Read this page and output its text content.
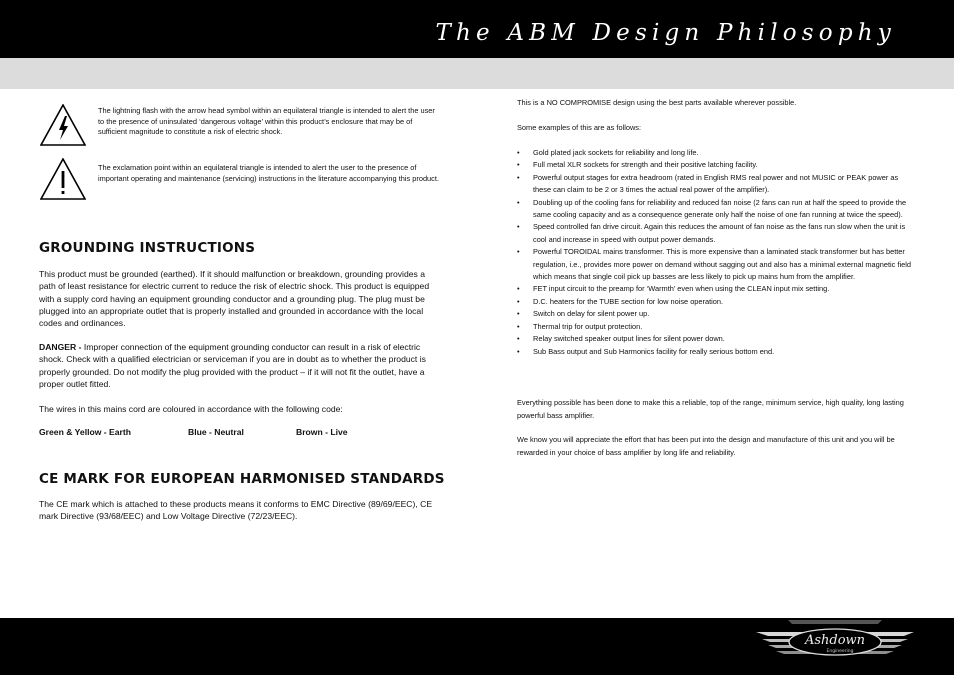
The ABM Design Philosophy
The lightning flash with the arrow head symbol within an equilateral triangle is intended to alert the user to the presence of uninsulated ‘dangerous voltage’ within this product’s enclosure that may be of sufficient magnitude to constitute a risk of electric shock.
The exclamation point within an equilateral triangle is intended to alert the user to the presence of important operating and maintenance (servicing) instructions in the literature accompanying this product.
GROUNDING INSTRUCTIONS

This product must be grounded (earthed). If it should malfunction or breakdown, grounding provides a path of least resistance for electric current to reduce the risk of electric shock. This product is equipped with a supply cord having an equipment grounding conductor and a grounding plug. The plug must be plugged into an appropriate outlet that is properly installed and grounded in accordance with the local codes and ordinances.

DANGER - Improper connection of the equipment grounding conductor can result in a risk of electric shock. Check with a qualified electrician or serviceman if you are in doubt as to whether the product is properly grounded. Do not modify the plug provided with the product – if it will not fit the outlet, have a proper outlet fitted.

The wires in this mains cord are coloured in accordance with the following code:

Green & Yellow - Earth	Blue - Neutral	Brown - Live
CE MARK FOR EUROPEAN HARMONISED STANDARDS

The CE mark which is attached to these products means it conforms to EMC Directive (89/69/EEC), CE mark Directive (93/68/EEC) and Low Voltage Directive (72/23/EEC).

This is a NO COMPROMISE design using the best parts available wherever possible.

Some examples of this are as follows:

• Gold plated jack sockets for reliability and long life.
• Full metal XLR sockets for strength and their positive latching facility.
• Powerful output stages for extra headroom (rated in English RMS real power and not MUSIC or PEAK power as these can claim to be 2 or 3 times the actual real power of the amplifier).
• Doubling up of the cooling fans for reliability and reduced fan noise (2 fans can run at half the speed to provide the same cooling capacity and as a consequence generate only half the noise of one fan running at twice the speed).
• Speed controlled fan drive circuit. Again this reduces the amount of fan noise as the fans run slow when the unit is cool and increase in speed with output power demands.
• Powerful TOROIDAL mains transformer. This is more expensive than a laminated stack transformer but has better regulation, i.e., provides more power on demand without sagging out and also has a minimal external magnetic field which means that single coil pick up basses are less likely to pick up mains hum from the amplifier.
• FET input circuit to the preamp for ‘Warmth’ even when using the CLEAN input mix setting.
• D.C. heaters for the TUBE section for low noise operation.
• Switch on delay for silent power up.
• Thermal trip for output protection.
• Relay switched speaker output lines for silent power down.
• Sub Bass output and Sub Harmonics facility for really serious bottom end.

Everything possible has been done to make this a reliable, top of the range, minimum service, high quality, long lasting powerful bass amplifier.

We know you will appreciate the effort that has been put into the design and manufacture of this unit and you will be rewarded in your choice of bass amplifier by long life and reliability.

Ashdown
Engineering
